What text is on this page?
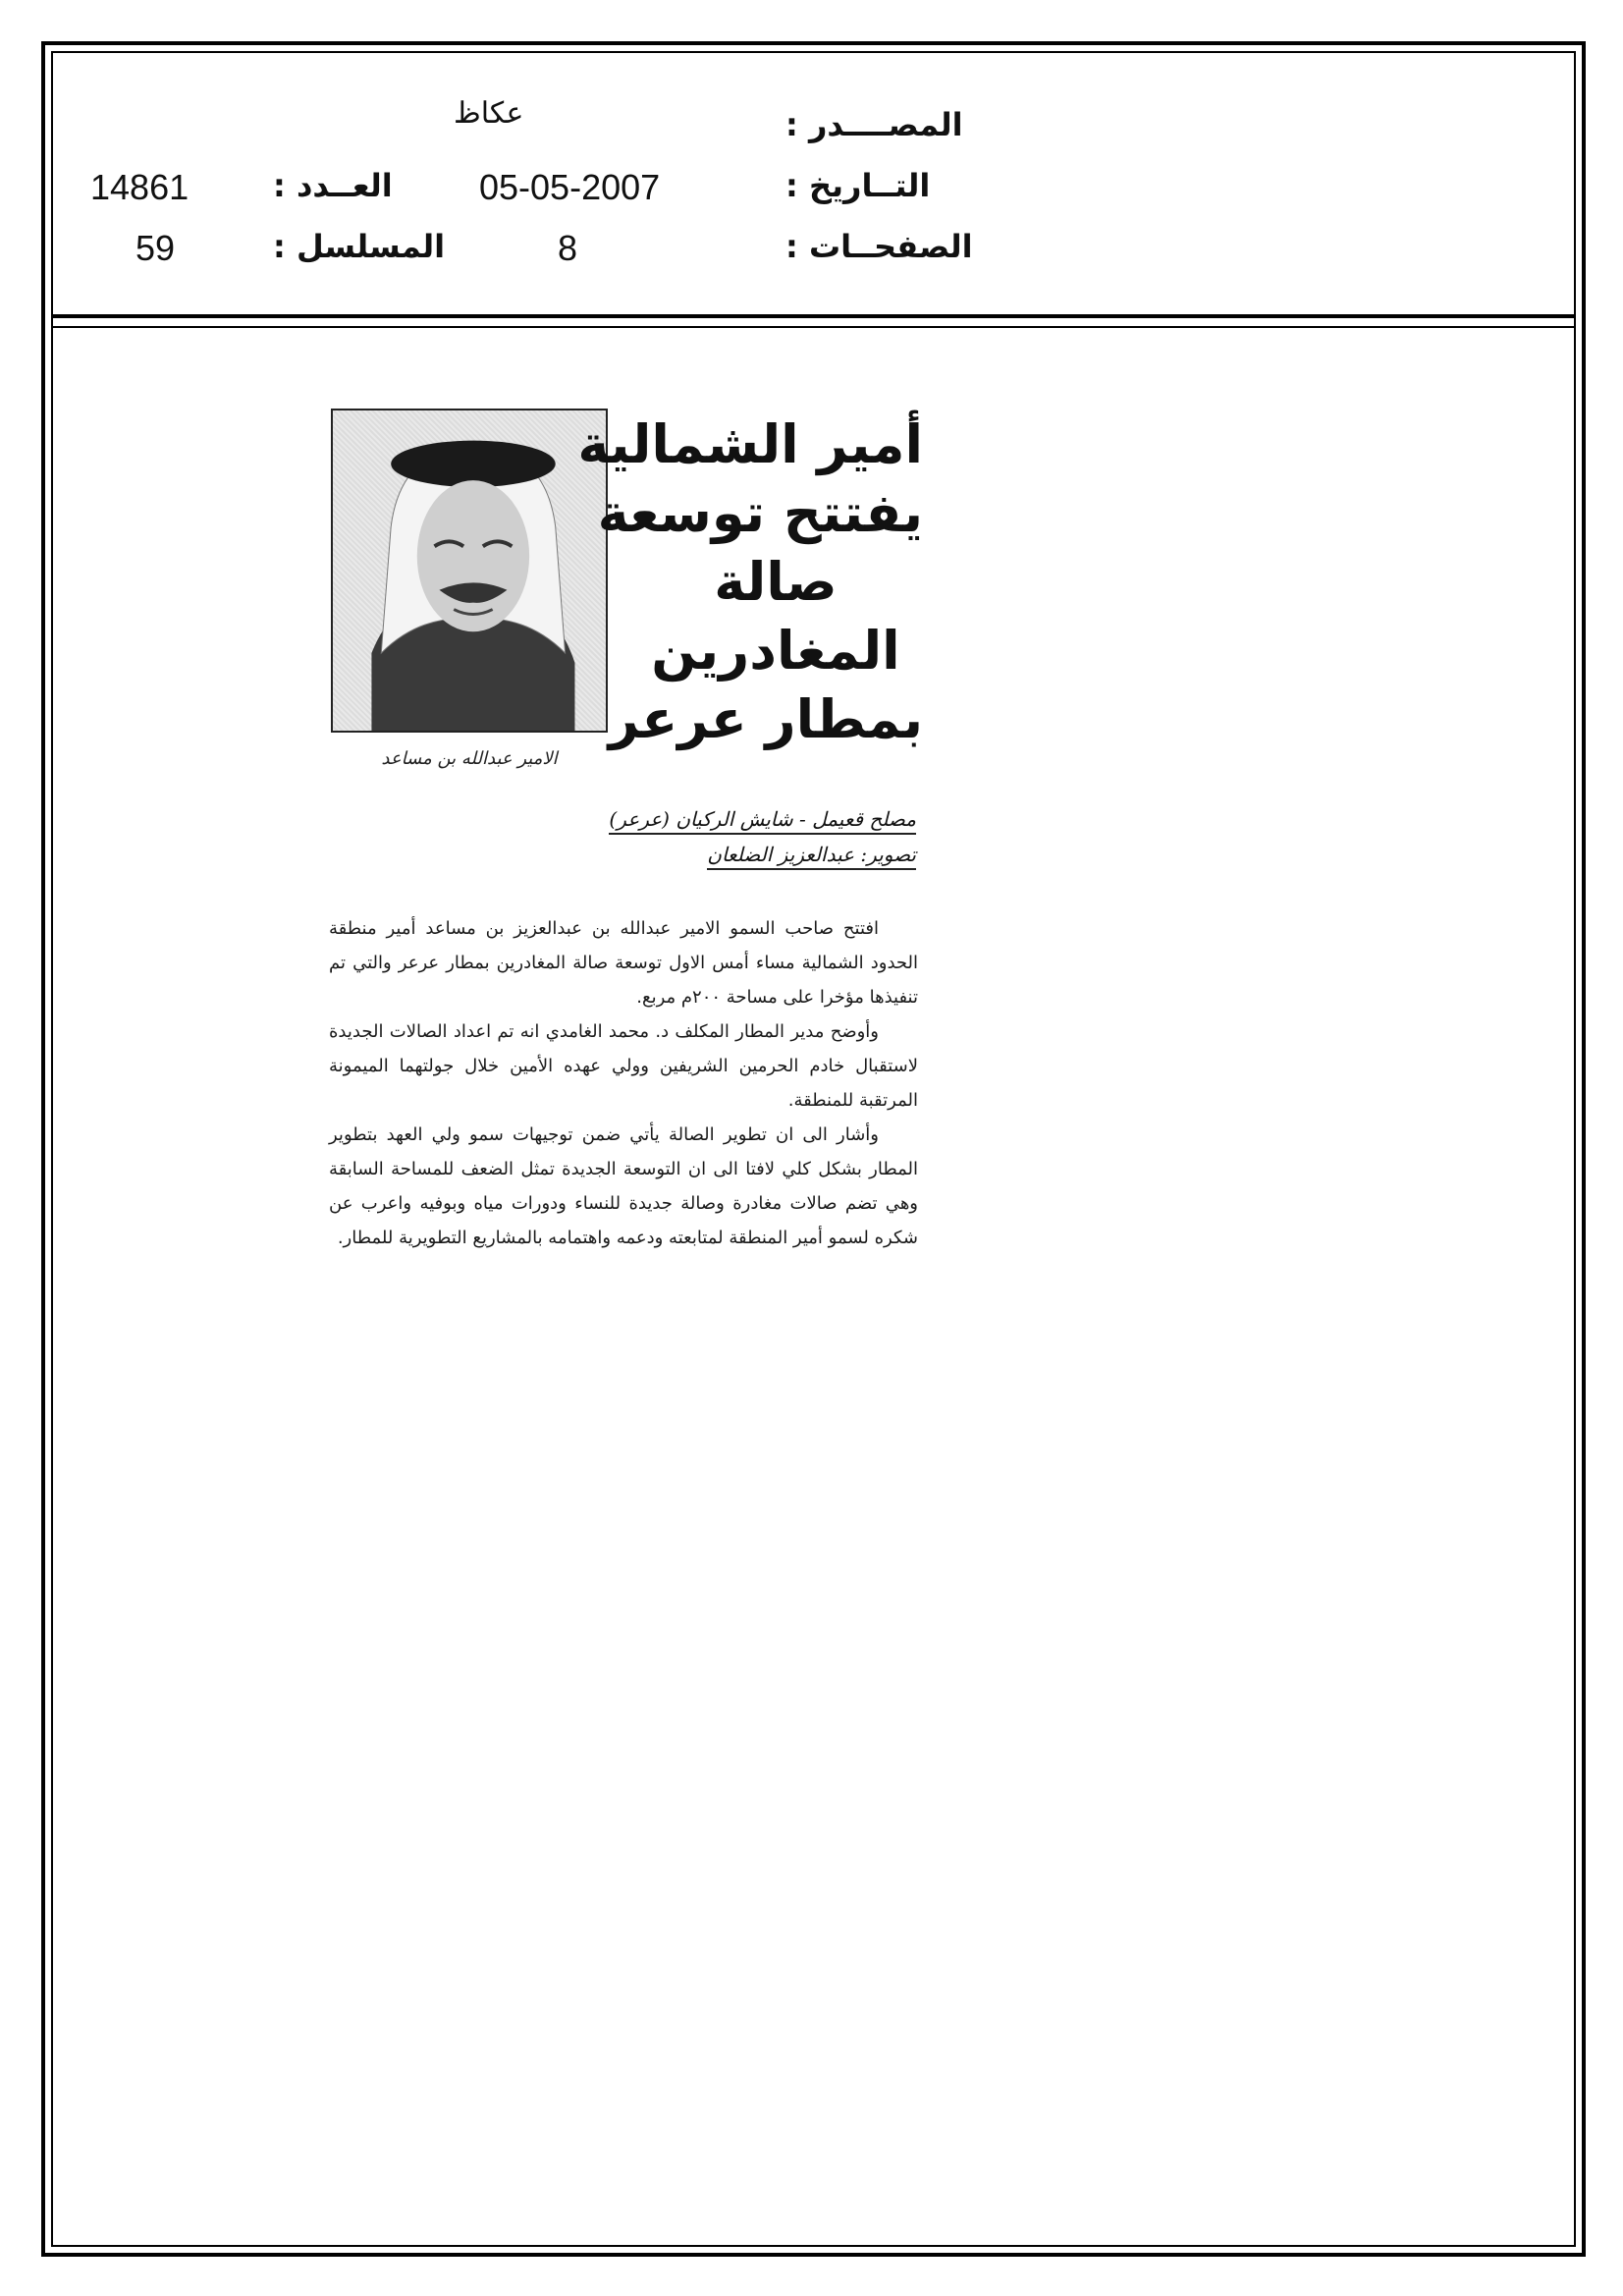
المصــــدر :
التــاريخ :
الصفحــات :
عكاظ
05-05-2007
8
العــدد :
المسلسل :
14861
59
الامير عبدالله بن مساعد
أمير الشمالية
يفتتح توسعة
صالة
المغادرين
بمطار عرعر
مصلح قعيمل - شايش الركيان (عرعر)
تصوير: عبدالعزيز الضلعان

افتتح صاحب السمو الامير عبدالله بن عبدالعزيز بن مساعد أمير منطقة الحدود الشمالية مساء أمس الاول توسعة صالة المغادرين بمطار عرعر والتي تم تنفيذها مؤخرا على مساحة ٢٠٠م مربع.

وأوضح مدير المطار المكلف د. محمد الغامدي انه تم اعداد الصالات الجديدة لاستقبال خادم الحرمين الشريفين وولي عهده الأمين خلال جولتهما الميمونة المرتقبة للمنطقة.

وأشار الى ان تطوير الصالة يأتي ضمن توجيهات سمو ولي العهد بتطوير المطار بشكل كلي لافتا الى ان التوسعة الجديدة تمثل الضعف للمساحة السابقة وهي تضم صالات مغادرة وصالة جديدة للنساء ودورات مياه وبوفيه واعرب عن شكره لسمو أمير المنطقة لمتابعته ودعمه واهتمامه بالمشاريع التطويرية للمطار.
